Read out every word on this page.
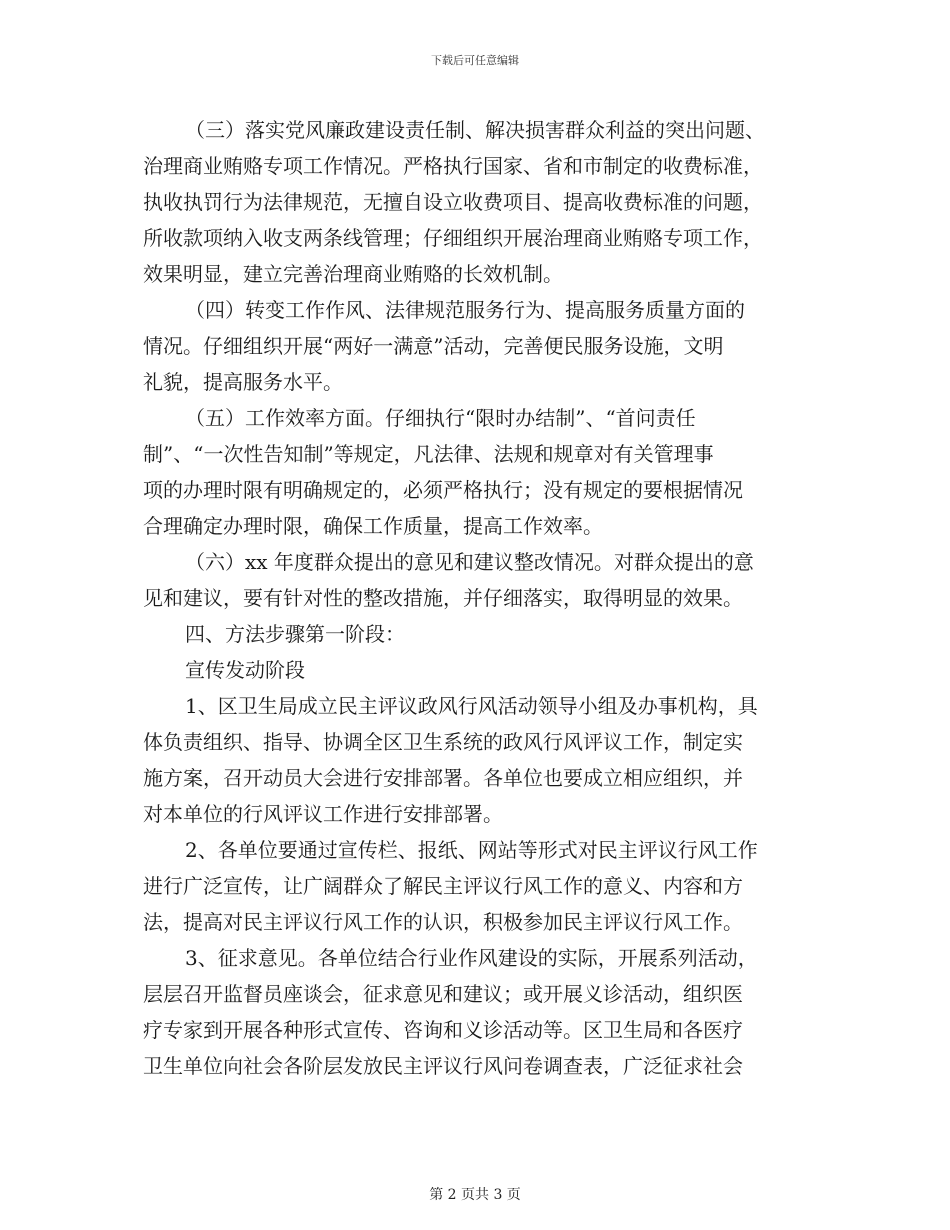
下载后可任意编辑
（三）落实党风廉政建设责任制、解决损害群众利益的突出问题、
治理商业贿赂专项工作情况。严格执行国家、省和市制定的收费标准，
执收执罚行为法律规范，无擅自设立收费项目、提高收费标准的问题，
所收款项纳入收支两条线管理；仔细组织开展治理商业贿赂专项工作，
效果明显，建立完善治理商业贿赂的长效机制。
（四）转变工作作风、法律规范服务行为、提高服务质量方面的
情况。仔细组织开展“两好一满意”活动，完善便民服务设施，文明
礼貌，提高服务水平。
（五）工作效率方面。仔细执行“限时办结制”、“首问责任
制”、“一次性告知制”等规定，凡法律、法规和规章对有关管理事
项的办理时限有明确规定的，必须严格执行；没有规定的要根据情况
合理确定办理时限，确保工作质量，提高工作效率。
（六）xx 年度群众提出的意见和建议整改情况。对群众提出的意
见和建议，要有针对性的整改措施，并仔细落实，取得明显的效果。
四、方法步骤第一阶段：
宣传发动阶段
1、区卫生局成立民主评议政风行风活动领导小组及办事机构，具
体负责组织、指导、协调全区卫生系统的政风行风评议工作，制定实
施方案，召开动员大会进行安排部署。各单位也要成立相应组织，并
对本单位的行风评议工作进行安排部署。
2、各单位要通过宣传栏、报纸、网站等形式对民主评议行风工作
进行广泛宣传，让广阔群众了解民主评议行风工作的意义、内容和方
法，提高对民主评议行风工作的认识，积极参加民主评议行风工作。
3、征求意见。各单位结合行业作风建设的实际，开展系列活动，
层层召开监督员座谈会，征求意见和建议；或开展义诊活动，组织医
疗专家到开展各种形式宣传、咨询和义诊活动等。区卫生局和各医疗
卫生单位向社会各阶层发放民主评议行风问卷调查表，广泛征求社会
第 2 页共 3 页
